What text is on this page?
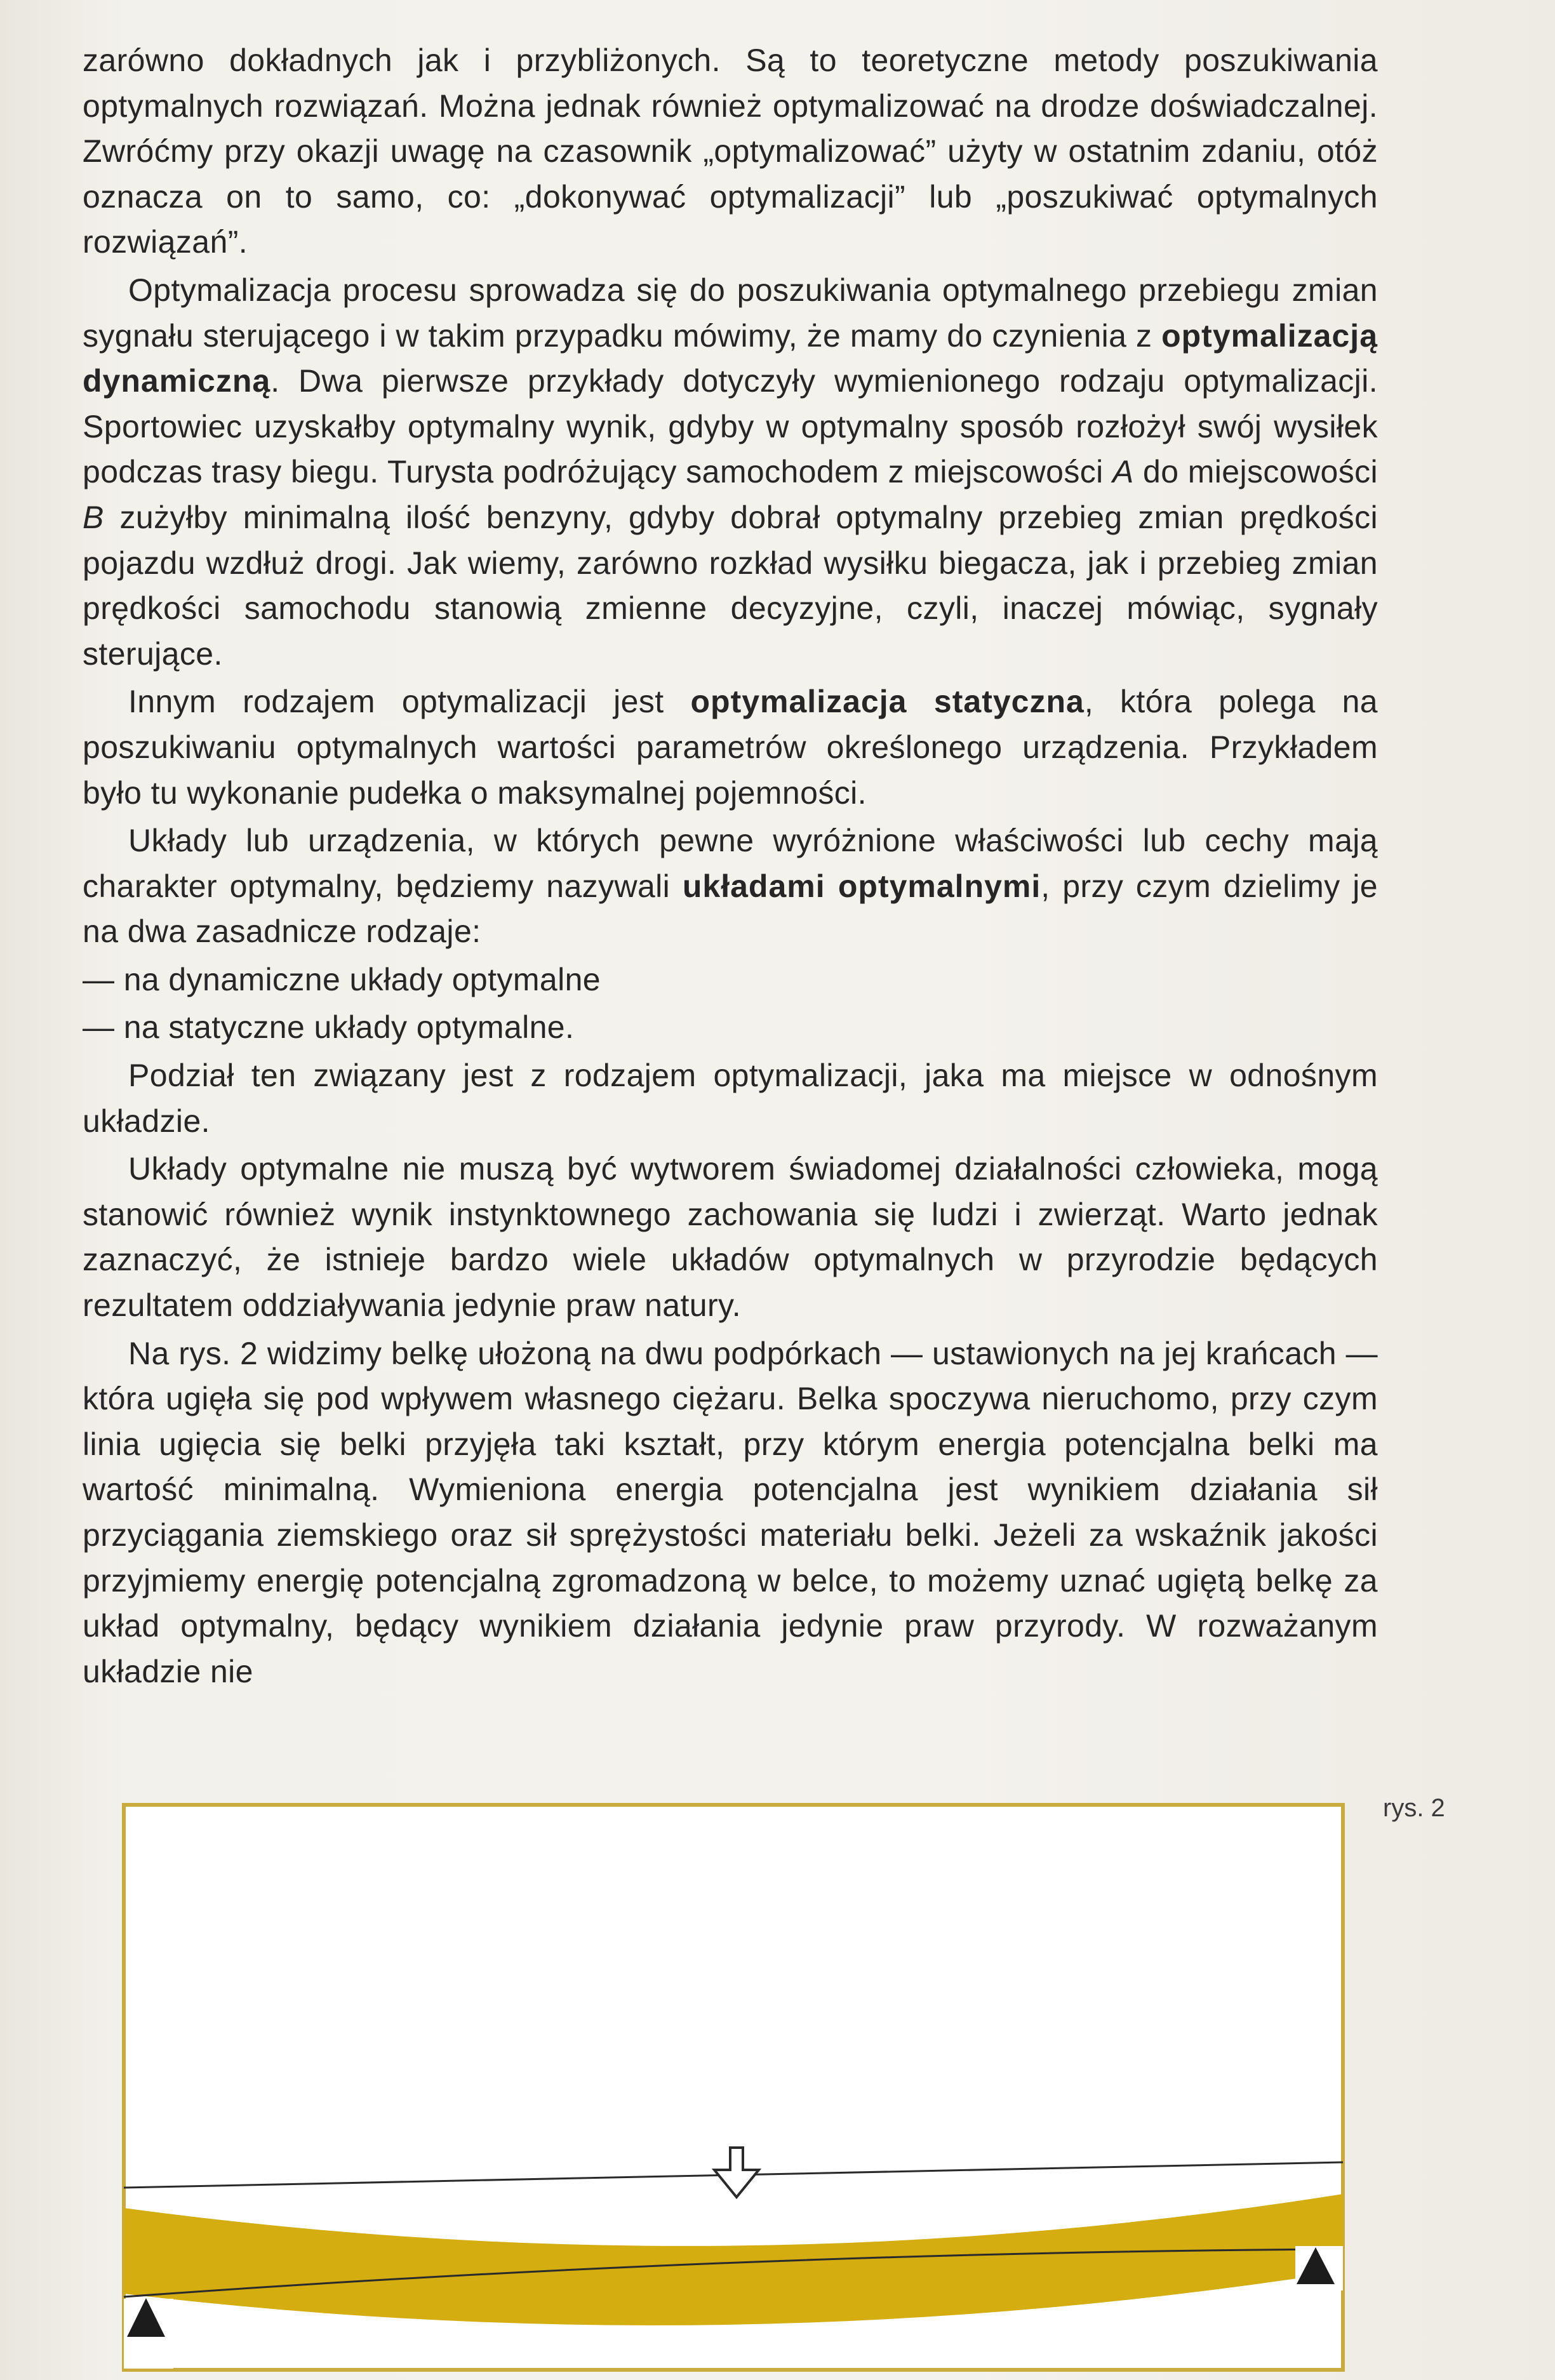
zarówno dokładnych jak i przybliżonych. Są to teoretyczne metody poszukiwania optymalnych rozwiązań. Można jednak również optymalizować na drodze doświadczalnej. Zwróćmy przy okazji uwagę na czasownik „optymalizować” użyty w ostatnim zdaniu, otóż oznacza on to samo, co: „dokonywać optymalizacji” lub „poszukiwać optymalnych rozwiązań”.

Optymalizacja procesu sprowadza się do poszukiwania optymalnego przebiegu zmian sygnału sterującego i w takim przypadku mówimy, że mamy do czynienia z optymalizacją dynamiczną. Dwa pierwsze przykłady dotyczyły wymienionego rodzaju optymalizacji. Sportowiec uzyskałby optymalny wynik, gdyby w optymalny sposób rozłożył swój wysiłek podczas trasy biegu. Turysta podróżujący samochodem z miejscowości A do miejscowości B zużyłby minimalną ilość benzyny, gdyby dobrał optymalny przebieg zmian prędkości pojazdu wzdłuż drogi. Jak wiemy, zarówno rozkład wysiłku biegacza, jak i przebieg zmian prędkości samochodu stanowią zmienne decyzyjne, czyli, inaczej mówiąc, sygnały sterujące.

Innym rodzajem optymalizacji jest optymalizacja statyczna, która polega na poszukiwaniu optymalnych wartości parametrów określonego urządzenia. Przykładem było tu wykonanie pudełka o maksymalnej pojemności.

Układy lub urządzenia, w których pewne wyróżnione właściwości lub cechy mają charakter optymalny, będziemy nazywali układami optymalnymi, przy czym dzielimy je na dwa zasadnicze rodzaje:

— na dynamiczne układy optymalne

— na statyczne układy optymalne.

Podział ten związany jest z rodzajem optymalizacji, jaka ma miejsce w odnośnym układzie.

Układy optymalne nie muszą być wytworem świadomej działalności człowieka, mogą stanowić również wynik instynktownego zachowania się ludzi i zwierząt. Warto jednak zaznaczyć, że istnieje bardzo wiele układów optymalnych w przyrodzie będących rezultatem oddziaływania jedynie praw natury.

Na rys. 2 widzimy belkę ułożoną na dwu podpórkach — ustawionych na jej krańcach — która ugięła się pod wpływem własnego ciężaru. Belka spoczywa nieruchomo, przy czym linia ugięcia się belki przyjęła taki kształt, przy którym energia potencjalna belki ma wartość minimalną. Wymieniona energia potencjalna jest wynikiem działania sił przyciągania ziemskiego oraz sił sprężystości materiału belki. Jeżeli za wskaźnik jakości przyjmiemy energię potencjalną zgromadzoną w belce, to możemy uznać ugiętą belkę za układ optymalny, będący wynikiem działania jedynie praw przyrody. W rozważanym układzie nie

rys. 2
